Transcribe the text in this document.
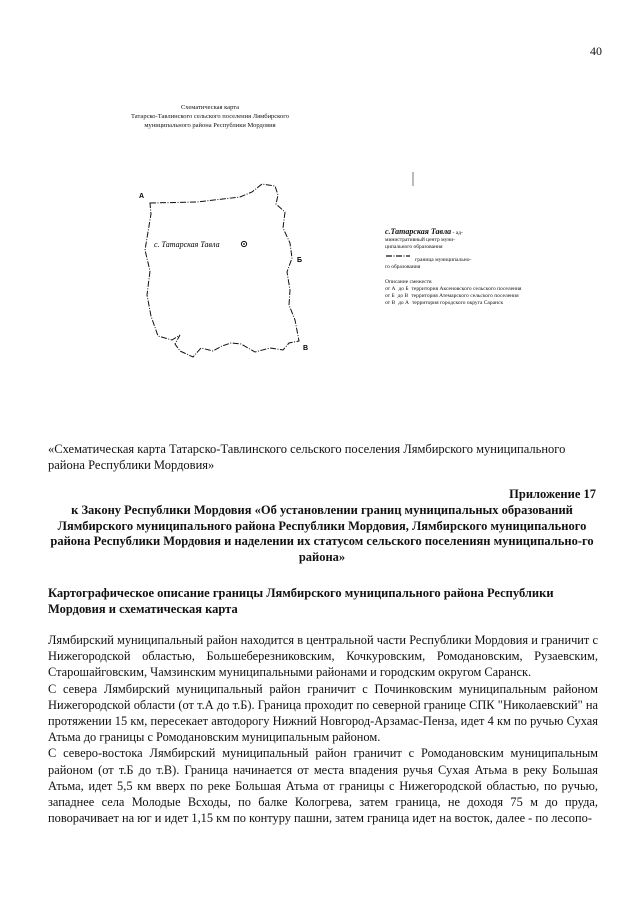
40
Схематическая карта
Татарско-Тавлинского сельского поселения Лямбирского
муниципального района Республики Мордовия
А
Б
В
с. Татарская Тавла
с.Татарская Тавла - ад-
министративный центр муни-
ципального образования
граница муниципально-
го образования
Описание смежеств
от А до Б территория Аксеновского сельского поселения
от Б до В территория Атемарского сельского поселения
от В до А территория городского округа Саранск
«Схематическая карта Татарско-Тавлинского сельского поселения Лямбирского муниципального района Республики Мордовия»
Приложение 17
к Закону Республики Мордовия «Об установлении границ муниципальных образований Лямбирского муниципального района Республики Мордовия, Лямбирского муниципального района Республики Мордовия и наделении их статусом сельского поселениян муниципально-го района»
Картографическое описание границы Лямбирского муниципального района Республики Мордовия и схематическая карта

Лямбирский муниципальный район находится в центральной части Республики Мордовия и граничит с Нижегородской областью, Большеберезниковским, Кочкуровским, Ромодановским, Рузаевским, Старошайговским, Чамзинским муниципальными районами и городским округом Саранск.

С севера Лямбирский муниципальный район граничит с Починковским муниципальным районом Нижегородской области (от т.А до т.Б). Граница проходит по северной границе СПК "Николаевский" на протяжении 15 км, пересекает автодорогу Нижний Новгород-Арзамас-Пенза, идет 4 км по ручью Сухая Атьма до границы с Ромодановским муниципальным районом.

С северо-востока Лямбирский муниципальный район граничит с Ромодановским муниципальным районом (от т.Б до т.В). Граница начинается от места впадения ручья Сухая Атьма в реку Большая Атьма, идет 5,5 км вверх по реке Большая Атьма от границы с Нижегородской областью, по ручью, западнее села Молодые Всходы, по балке Кологрева, затем граница, не доходя 75 м до пруда, поворачивает на юг и идет 1,15 км по контуру пашни, затем граница идет на восток, далее - по лесопо-
